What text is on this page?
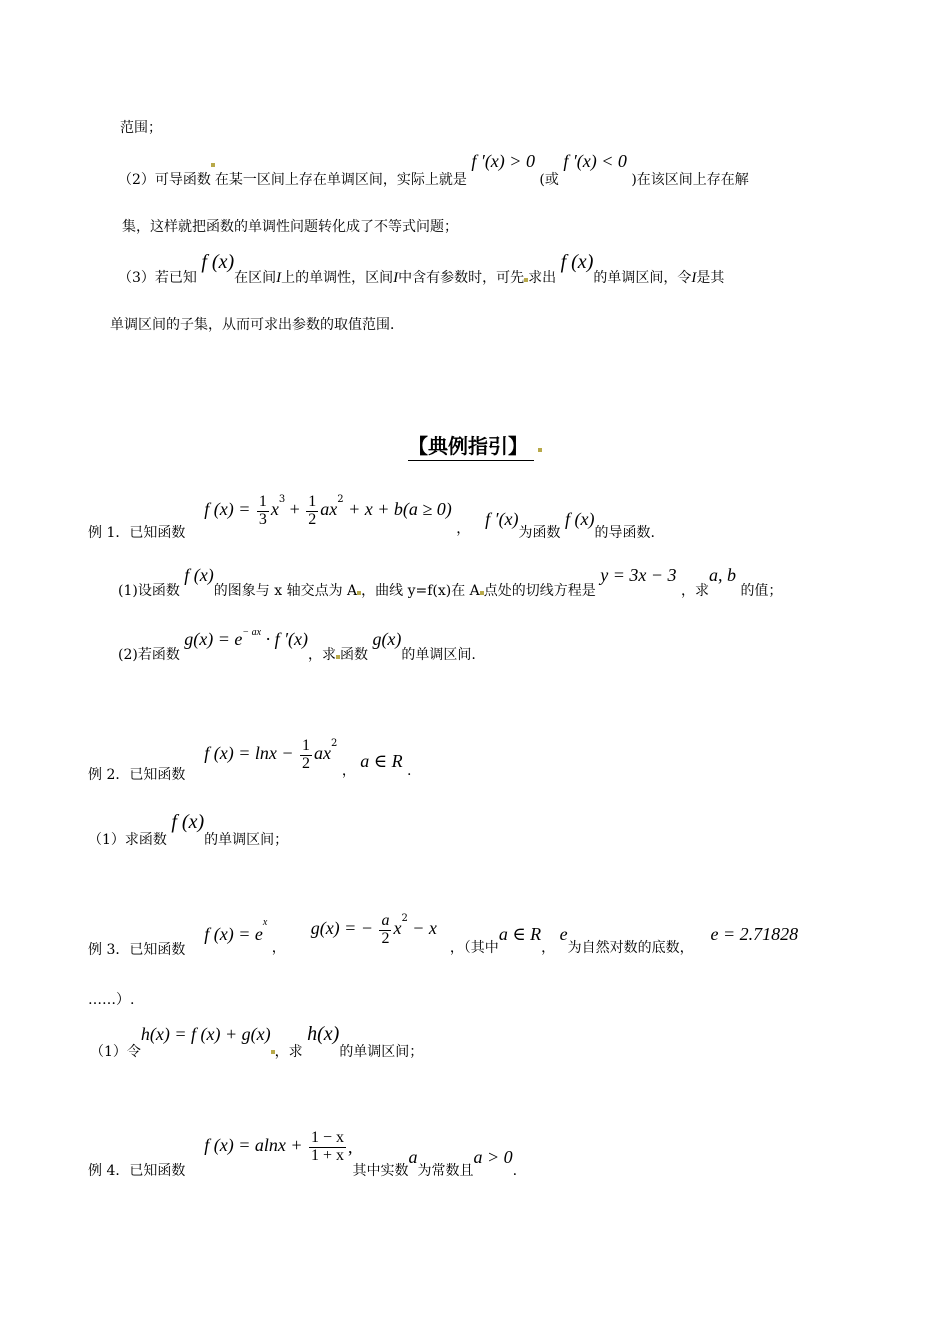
范围；
（2）可导函数 在某一区间上存在单调区间，实际上就是 f ′(x) > 0 (或 f ′(x) < 0 )在该区间上存在解
集，这样就把函数的单调性问题转化成了不等式问题；
（3）若已知 f (x)在区间I上的单调性，区间I中含有参数时，可先 求出 f (x)的单调区间，令I是其
单调区间的子集，从而可求出参数的取值范围．
【典例指引】
例 1．已知函数  f $(x) = \frac{1}{3} x^3 + \frac{1}{2} ax^2 + x + b(a \ge 0)$ ， f ′(x)为函数 f (x)的导函数.
(1)设函数 f (x)的图象与 x 轴交点为 A ，曲线 y=f(x)在 A 点处的切线方程是 y = 3x − 3 ，求a, b 的值；
(2)若函数 $g(x) = e^{- ax} \cdot f$ ′(x)，求 函数 g(x)的单调区间.
例 2．已知函数  f $(x) = \ln x - \frac{1}{2} ax^2$ ， a ∈ R .
（1）求函数 f (x)的单调区间；
例 3．已知函数  f $(x) = e^x$ ，  g(x) = − $\frac{a}{2} x^2 - x$  ，（其中a ∈ R， e为自然对数的底数，  e = 2.71828
……）.
（1）令h(x) = f (x) + g(x)，求 h(x)的单调区间；
例 4．已知函数  f $(x) = alnx + \frac{1 - x}{1 + x}$ ,其中实数a为常数且a > 0.
